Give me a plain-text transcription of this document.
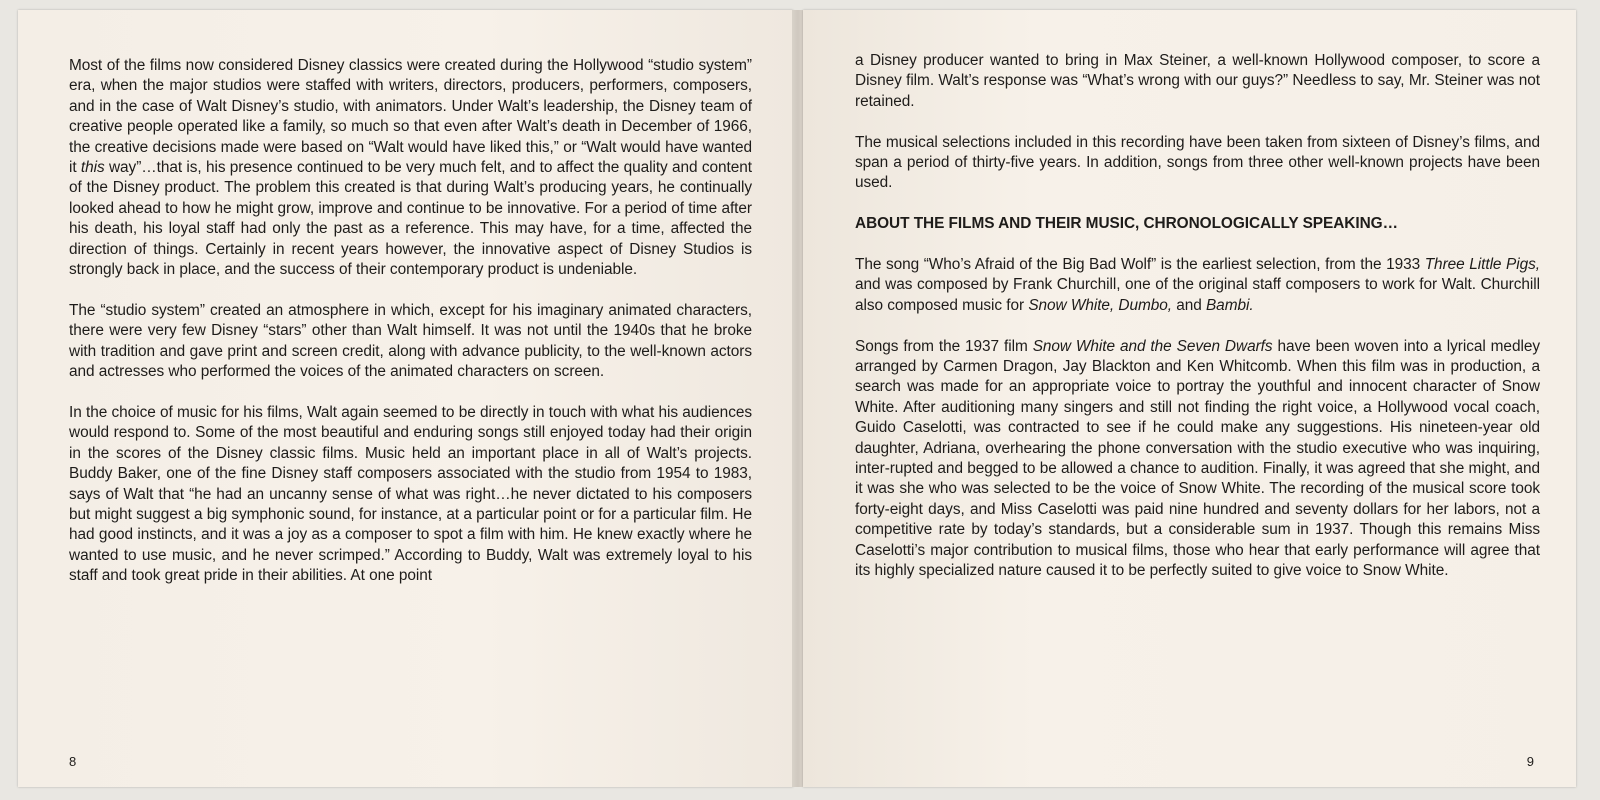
Most of the films now considered Disney classics were created during the Hollywood “studio system” era, when the major studios were staffed with writers, directors, producers, performers, composers, and in the case of Walt Disney’s studio, with animators. Under Walt’s leadership, the Disney team of creative people operated like a family, so much so that even after Walt’s death in December of 1966, the creative decisions made were based on “Walt would have liked this,” or “Walt would have wanted it this way”…that is, his presence continued to be very much felt, and to affect the quality and content of the Disney product. The problem this created is that during Walt’s producing years, he continually looked ahead to how he might grow, improve and continue to be innovative. For a period of time after his death, his loyal staff had only the past as a reference. This may have, for a time, affected the direction of things. Certainly in recent years however, the innovative aspect of Disney Studios is strongly back in place, and the success of their contemporary product is undeniable.

The “studio system” created an atmosphere in which, except for his imaginary animated characters, there were very few Disney “stars” other than Walt himself. It was not until the 1940s that he broke with tradition and gave print and screen credit, along with advance publicity, to the well-known actors and actresses who performed the voices of the animated characters on screen.

In the choice of music for his films, Walt again seemed to be directly in touch with what his audiences would respond to. Some of the most beautiful and enduring songs still enjoyed today had their origin in the scores of the Disney classic films. Music held an important place in all of Walt’s projects. Buddy Baker, one of the fine Disney staff composers associated with the studio from 1954 to 1983, says of Walt that “he had an uncanny sense of what was right…he never dictated to his composers but might suggest a big symphonic sound, for instance, at a particular point or for a particular film. He had good instincts, and it was a joy as a composer to spot a film with him. He knew exactly where he wanted to use music, and he never scrimped.” According to Buddy, Walt was extremely loyal to his staff and took great pride in their abilities. At one point

8

a Disney producer wanted to bring in Max Steiner, a well-known Hollywood composer, to score a Disney film. Walt’s response was “What’s wrong with our guys?” Needless to say, Mr. Steiner was not retained.

The musical selections included in this recording have been taken from sixteen of Disney’s films, and span a period of thirty-five years. In addition, songs from three other well-known projects have been used.

ABOUT THE FILMS AND THEIR MUSIC, CHRONOLOGICALLY SPEAKING…

The song “Who’s Afraid of the Big Bad Wolf” is the earliest selection, from the 1933 Three Little Pigs, and was composed by Frank Churchill, one of the original staff composers to work for Walt. Churchill also composed music for Snow White, Dumbo, and Bambi.

Songs from the 1937 film Snow White and the Seven Dwarfs have been woven into a lyrical medley arranged by Carmen Dragon, Jay Blackton and Ken Whitcomb. When this film was in production, a search was made for an appropriate voice to portray the youthful and innocent character of Snow White. After auditioning many singers and still not finding the right voice, a Hollywood vocal coach, Guido Caselotti, was contracted to see if he could make any suggestions. His nineteen-year old daughter, Adriana, overhearing the phone conversation with the studio executive who was inquiring, inter-rupted and begged to be allowed a chance to audition. Finally, it was agreed that she might, and it was she who was selected to be the voice of Snow White. The recording of the musical score took forty-eight days, and Miss Caselotti was paid nine hundred and seventy dollars for her labors, not a competitive rate by today’s standards, but a considerable sum in 1937. Though this remains Miss Caselotti’s major contribution to musical films, those who hear that early performance will agree that its highly specialized nature caused it to be perfectly suited to give voice to Snow White.

9
